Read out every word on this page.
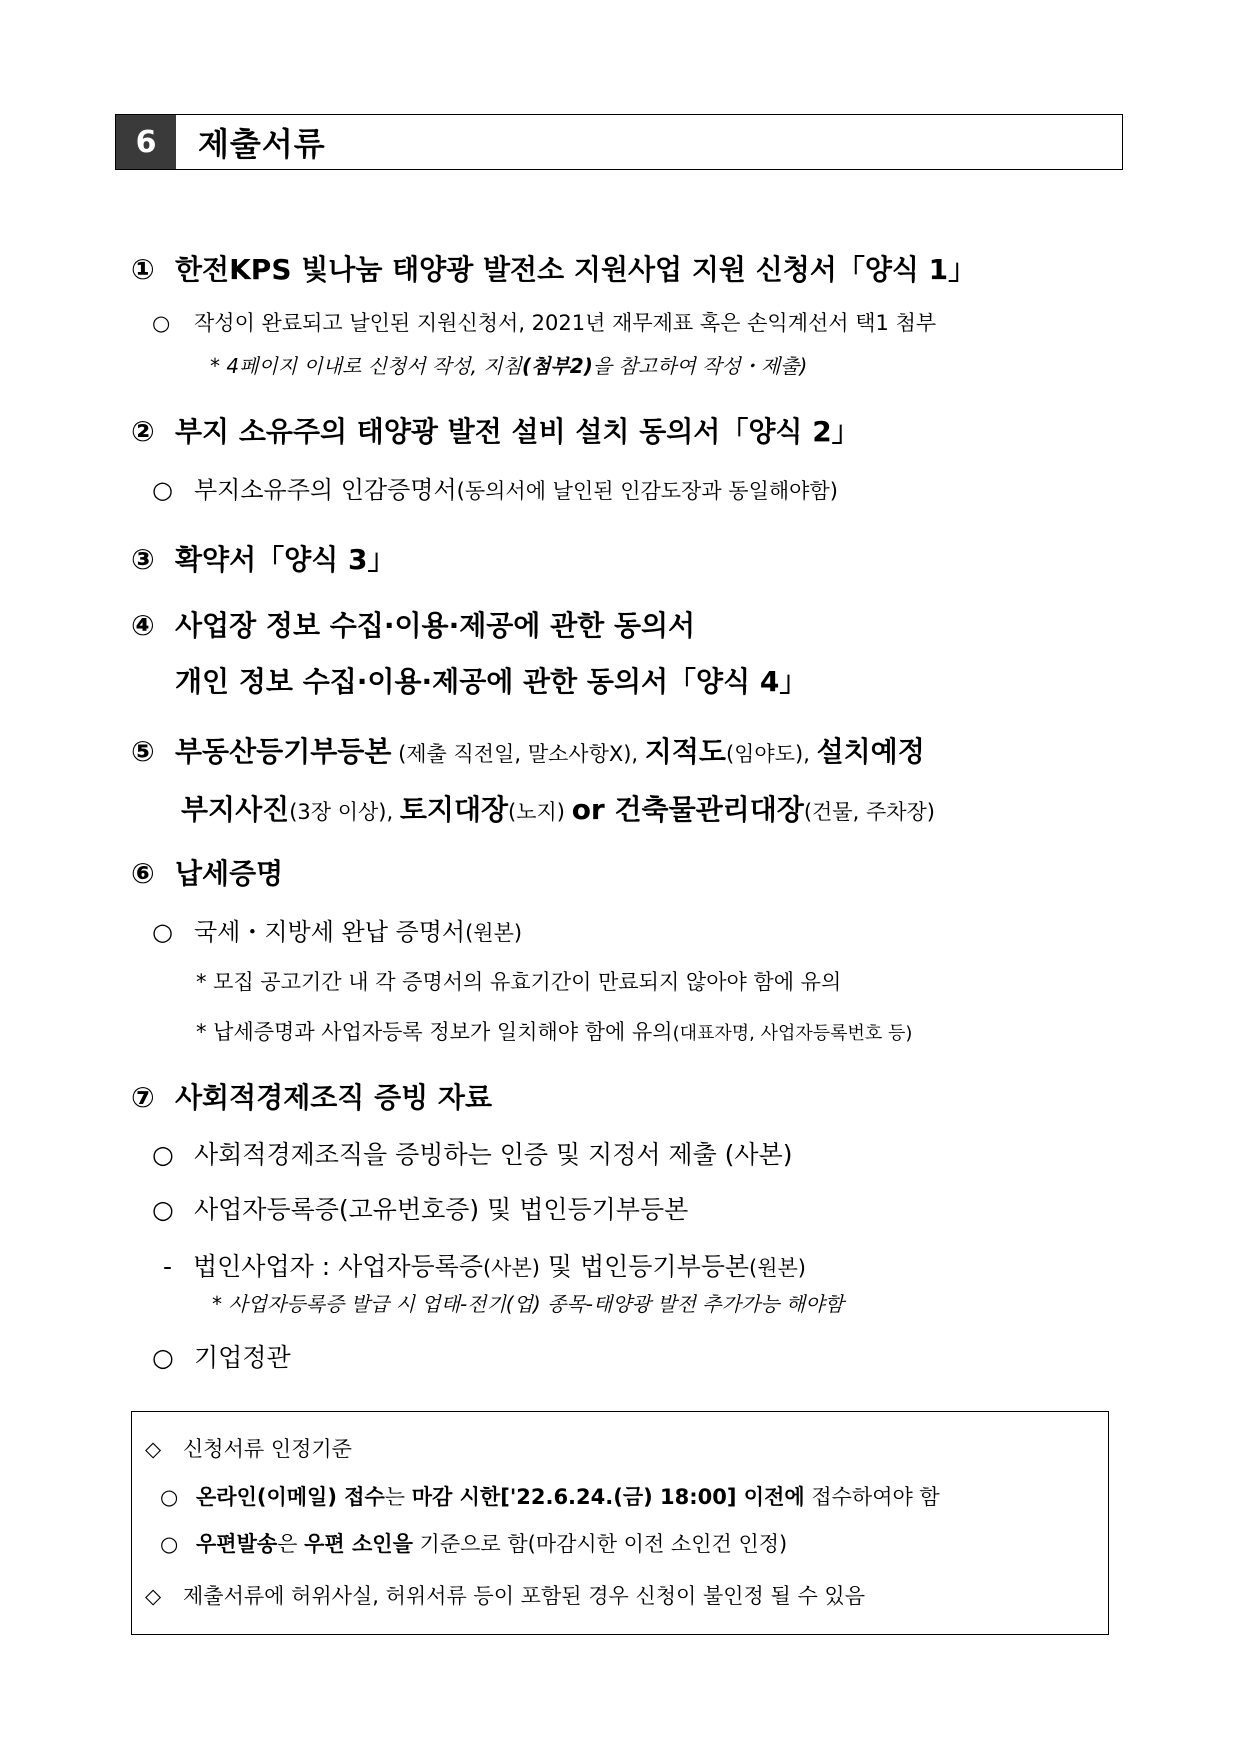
6	제출서류
① 한전KPS 빛나눔 태양광 발전소 지원사업 지원 신청서「양식 1」
○ 작성이 완료되고 날인된 지원신청서, 2021년 재무제표 혹은 손익계선서 택1 첨부
* 4페이지 이내로 신청서 작성, 지침(첨부2)을 참고하여 작성・제출)
② 부지 소유주의 태양광 발전 설비 설치 동의서「양식 2」
○ 부지소유주의 인감증명서(동의서에 날인된 인감도장과 동일해야함)
③ 확약서「양식 3」
④ 사업장 정보 수집·이용·제공에 관한 동의서
개인 정보 수집·이용·제공에 관한 동의서「양식 4」
⑤ 부동산등기부등본 (제출 직전일, 말소사항X), 지적도(임야도), 설치예정
부지사진(3장 이상), 토지대장(노지) or 건축물관리대장(건물, 주차장)
⑥ 납세증명
○ 국세・지방세 완납 증명서(원본)
* 모집 공고기간 내 각 증명서의 유효기간이 만료되지 않아야 함에 유의
* 납세증명과 사업자등록 정보가 일치해야 함에 유의(대표자명, 사업자등록번호 등)
⑦ 사회적경제조직 증빙 자료
○ 사회적경제조직을 증빙하는 인증 및 지정서 제출 (사본)
○ 사업자등록증(고유번호증) 및 법인등기부등본
- 법인사업자 : 사업자등록증(사본) 및 법인등기부등본(원본)
* 사업자등록증 발급 시 업태-전기(업) 종목-태양광 발전 추가가능 해야함
○ 기업정관
◇ 신청서류 인정기준
○ 온라인(이메일) 접수는 마감 시한['22.6.24.(금) 18:00] 이전에 접수하여야 함
○ 우편발송은 우편 소인을 기준으로 함(마감시한 이전 소인건 인정)
◇ 제출서류에 허위사실, 허위서류 등이 포함된 경우 신청이 불인정 될 수 있음
